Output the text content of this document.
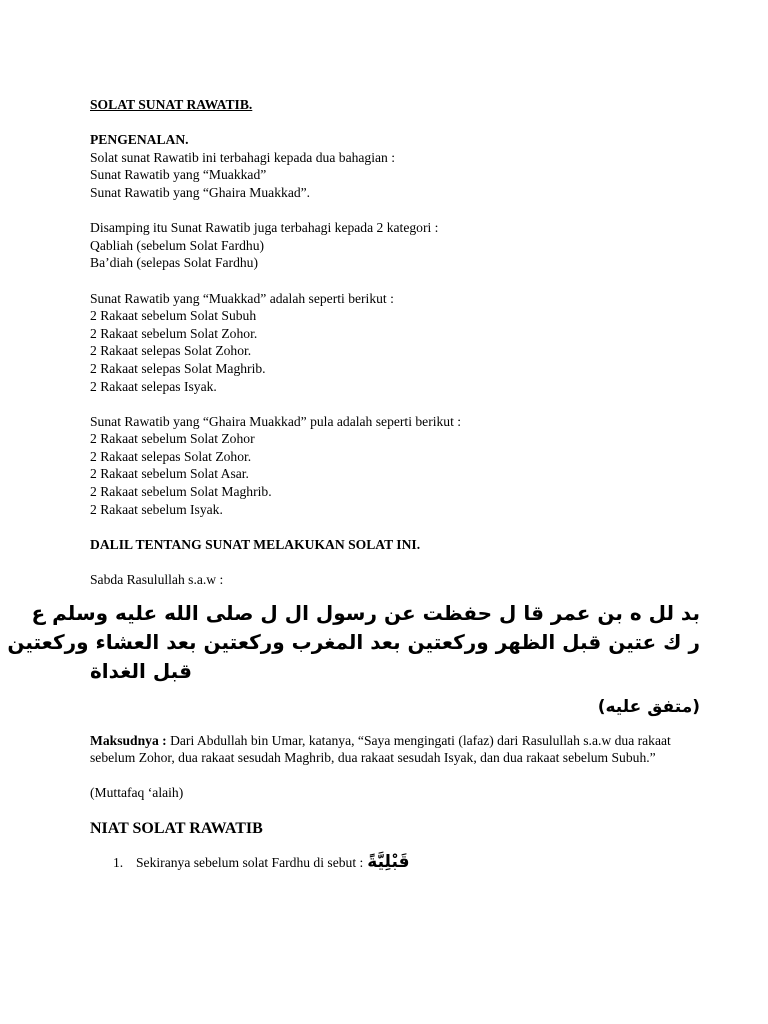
SOLAT SUNAT RAWATIB.
PENGENALAN.
Solat sunat Rawatib ini terbahagi kepada dua bahagian :
Sunat Rawatib yang “Muakkad”
Sunat Rawatib yang “Ghaira Muakkad”.
Disamping itu Sunat Rawatib juga terbahagi kepada 2 kategori :
Qabliah (sebelum Solat Fardhu)
Ba’diah (selepas Solat Fardhu)
Sunat Rawatib yang “Muakkad” adalah seperti berikut :
2 Rakaat sebelum Solat Subuh
2 Rakaat sebelum Solat Zohor.
2 Rakaat selepas Solat Zohor.
2 Rakaat selepas Solat Maghrib.
2 Rakaat selepas Isyak.
Sunat Rawatib yang “Ghaira Muakkad” pula adalah seperti berikut :
2 Rakaat sebelum Solat Zohor
2 Rakaat selepas Solat Zohor.
2 Rakaat sebelum Solat Asar.
2 Rakaat sebelum Solat Maghrib.
2 Rakaat sebelum Isyak.
DALIL TENTANG SUNAT MELAKUKAN SOLAT INI.
Sabda Rasulullah s.a.w :
بد لل ه بن عمر قا ل حفظت عن رسول ال ل صلى الله عليه وسلم ع
ر ك عتين قبل الظهر وركعتين بعد المغرب وركعتين بعد العشاء وركعتين
قبل الغداة
(متفق عليه)
Maksudnya : Dari Abdullah bin Umar, katanya, “Saya mengingati (lafaz) dari Rasulullah s.a.w dua rakaat sebelum Zohor, dua rakaat sesudah Maghrib, dua rakaat sesudah Isyak, dan dua rakaat sebelum Subuh.”
(Muttafaq ‘alaih)
NIAT SOLAT RAWATIB
1. Sekiranya sebelum solat Fardhu di sebut : قَبْلِيَّةً
